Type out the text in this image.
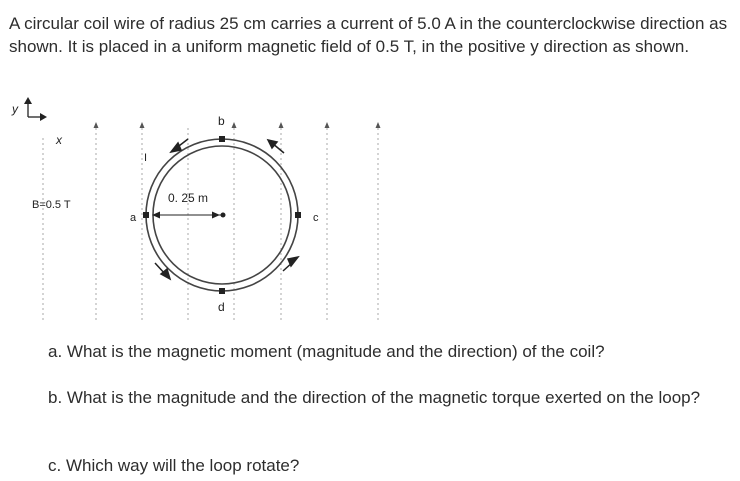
A circular coil wire of radius 25 cm carries a current of 5.0 A in the counterclockwise direction as shown. It is placed in a uniform magnetic field of 0.5 T, in the positive y direction as shown.

y
x
I
a
b
c
d
0. 25 m
B=0.5 T

a. What is the magnetic moment (magnitude and the direction) of the coil?

b. What is the magnitude and the direction of the magnetic torque exerted on the loop?

c. Which way will the loop rotate?
